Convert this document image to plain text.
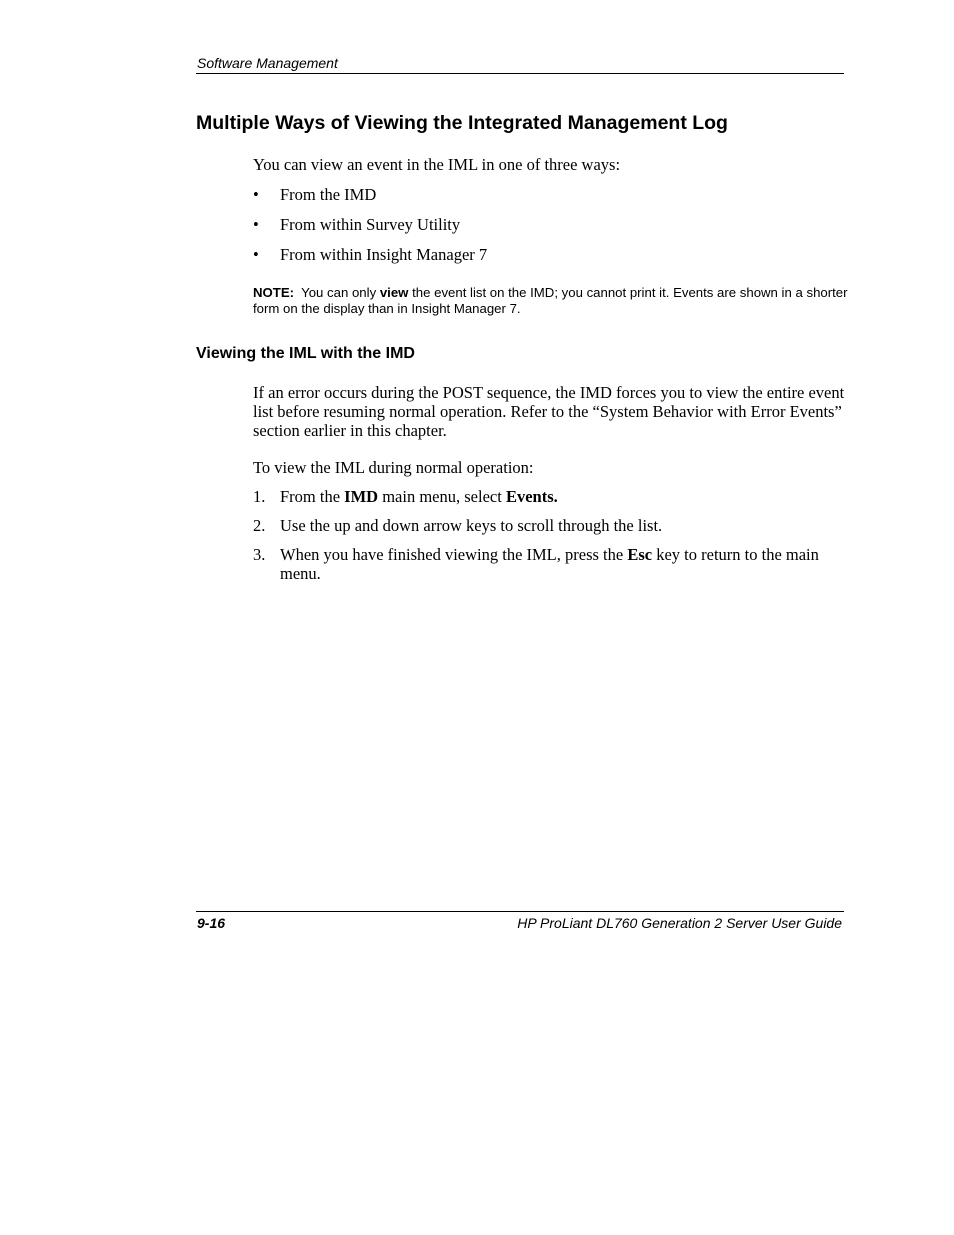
Software Management
Multiple Ways of Viewing the Integrated Management Log
You can view an event in the IML in one of three ways:
• From the IMD
• From within Survey Utility
• From within Insight Manager 7
NOTE: You can only view the event list on the IMD; you cannot print it. Events are shown in a shorter form on the display than in Insight Manager 7.
Viewing the IML with the IMD
If an error occurs during the POST sequence, the IMD forces you to view the entire event list before resuming normal operation. Refer to the “System Behavior with Error Events” section earlier in this chapter.
To view the IML during normal operation:
1. From the IMD main menu, select Events.
2. Use the up and down arrow keys to scroll through the list.
3. When you have finished viewing the IML, press the Esc key to return to the main menu.
9-16	HP ProLiant DL760 Generation 2 Server User Guide
